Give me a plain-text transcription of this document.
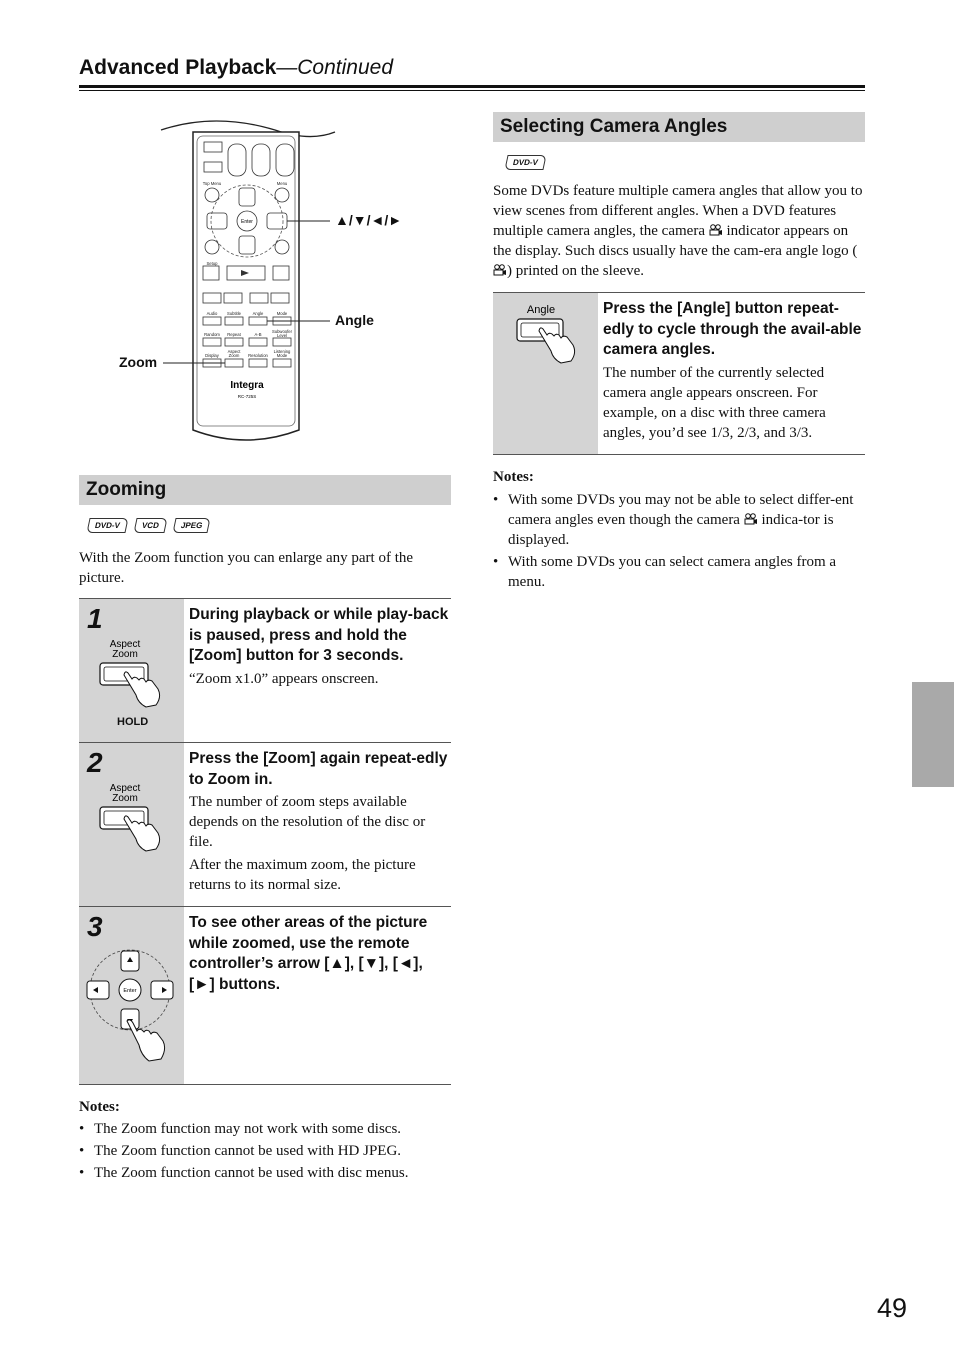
Advanced Playback—Continued
Enter
Audio Subtitle	Angle	Mode
Random Repeat	A-B
Subwoofer
Level
Display
Aspect
Zoom Resolution
Listening
Mode
Top Menu	Menu
Setup
Integra
RC-725S
▲/▼/◄/►
Angle
Zoom
Zooming
DVD-V	VCD	JPEG
With the Zoom function you can enlarge any part of the picture.
1
Aspect
Zoom
HOLD
During playback or while play-back is paused, press and hold the [Zoom] button for 3 seconds.
“Zoom x1.0” appears onscreen.
2
Aspect
Zoom
Press the [Zoom] again repeat-edly to Zoom in.
The number of zoom steps available depends on the resolution of the disc or file.
After the maximum zoom, the picture returns to its normal size.
3
Enter
To see other areas of the picture while zoomed, use the remote controller’s arrow [▲], [▼], [◄], [►] buttons.
Notes:
• The Zoom function may not work with some discs.
• The Zoom function cannot be used with HD JPEG.
• The Zoom function cannot be used with disc menus.
Selecting Camera Angles
DVD-V
Some DVDs feature multiple camera angles that allow you to view scenes from different angles. When a DVD features multiple camera angles, the camera  indicator appears on the display. Such discs usually have the cam-era angle logo () printed on the sleeve.
Angle	Press the [Angle] button repeat-edly to cycle through the avail-able camera angles.
The number of the currently selected camera angle appears onscreen. For example, on a disc with three camera angles, you’d see 1/3, 2/3, and 3/3.
Notes:
• With some DVDs you may not be able to select differ-ent camera angles even though the camera  indica-tor is displayed.
• With some DVDs you can select camera angles from a menu.
49
